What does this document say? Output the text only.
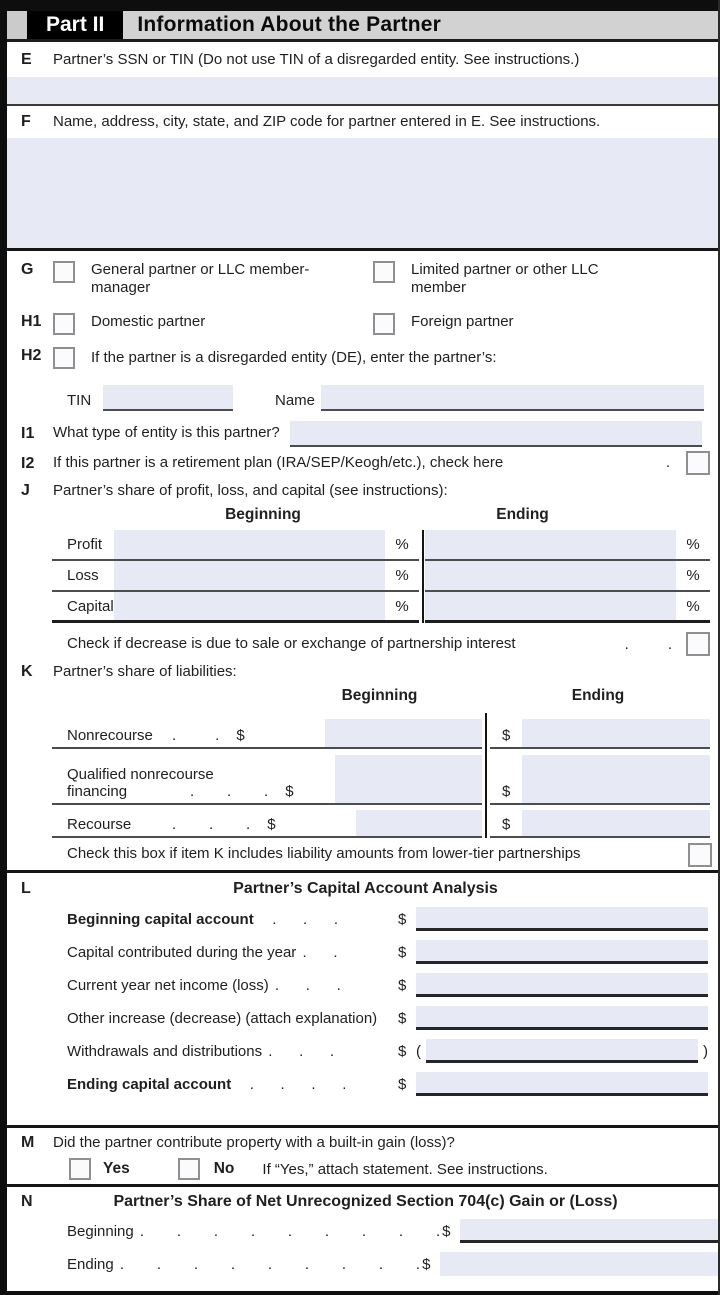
Part II	Information About the Partner
E	Partner’s SSN or TIN (Do not use TIN of a disregarded entity. See instructions.)
F	Name, address, city, state, and ZIP code for partner entered in E. See instructions.
G	General partner or LLC member-manager
Limited partner or other LLC member
H1	Domestic partner	Foreign partner
H2	If the partner is a disregarded entity (DE), enter the partner’s:
TIN	Name
I1	What type of entity is this partner?
I2	If this partner is a retirement plan (IRA/SEP/Keogh/etc.), check here	.
J	Partner’s share of profit, loss, and capital (see instructions):
Beginning	Ending
Profit	%	%
Loss	%	%
Capital	%	%
Check if decrease is due to sale or exchange of partnership interest	.      .
K	Partner’s share of liabilities:
Beginning	Ending
Nonrecourse	.      . $	$
Qualified nonrecourse
financing	.     .     . $	$
Recourse	.     .     . $	$
Check this box if item K includes liability amounts from lower-tier partnerships
L	Partner’s Capital Account Analysis
Beginning capital account .    .    .	$
Capital contributed during the year .    .	$
Current year net income (loss) .    .    .	$
Other increase (decrease) (attach explanation) $
Withdrawals and distributions .    .    .	$ (	)
Ending capital account .    .    .    .	$
M	Did the partner contribute property with a built-in gain (loss)?
Yes	No If “Yes,” attach statement. See instructions.
N	Partner’s Share of Net Unrecognized Section 704(c) Gain or (Loss)
Beginning .     .     .     .     .     .     .     .     . $
Ending .     .     .     .     .     .     .     .     . $
